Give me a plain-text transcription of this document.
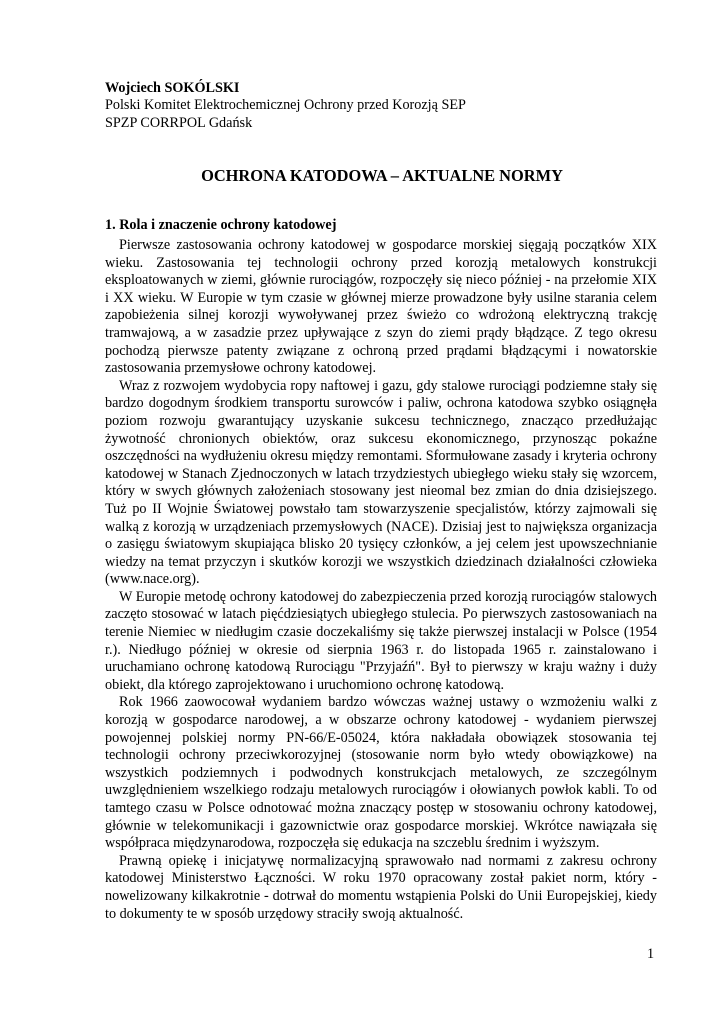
Wojciech SOKÓLSKI
Polski Komitet Elektrochemicznej Ochrony przed Korozją SEP
SPZP CORRPOL Gdańsk
OCHRONA KATODOWA – AKTUALNE NORMY
1. Rola i znaczenie ochrony katodowej

Pierwsze zastosowania ochrony katodowej w gospodarce morskiej sięgają początków XIX wieku. Zastosowania tej technologii ochrony przed korozją metalowych konstrukcji eksploatowanych w ziemi, głównie rurociągów, rozpoczęły się nieco później - na przełomie XIX i XX wieku. W Europie w tym czasie w głównej mierze prowadzone były usilne starania celem zapobieżenia silnej korozji wywoływanej przez świeżo co wdrożoną elektryczną trakcję tramwajową, a w zasadzie przez upływające z szyn do ziemi prądy błądzące. Z tego okresu pochodzą pierwsze patenty związane z ochroną przed prądami błądzącymi i nowatorskie zastosowania przemysłowe ochrony katodowej.

Wraz z rozwojem wydobycia ropy naftowej i gazu, gdy stalowe rurociągi podziemne stały się bardzo dogodnym środkiem transportu surowców i paliw, ochrona katodowa szybko osiągnęła poziom rozwoju gwarantujący uzyskanie sukcesu technicznego, znacząco przedłużając żywotność chronionych obiektów, oraz sukcesu ekonomicznego, przynosząc pokaźne oszczędności na wydłużeniu okresu między remontami. Sformułowane zasady i kryteria ochrony katodowej w Stanach Zjednoczonych w latach trzydziestych ubiegłego wieku stały się wzorcem, który w swych głównych założeniach stosowany jest nieomal bez zmian do dnia dzisiejszego. Tuż po II Wojnie Światowej powstało tam stowarzyszenie specjalistów, którzy zajmowali się walką z korozją w urządzeniach przemysłowych (NACE). Dzisiaj jest to największa organizacja o zasięgu światowym skupiająca blisko 20 tysięcy członków, a jej celem jest upowszechnianie wiedzy na temat przyczyn i skutków korozji we wszystkich dziedzinach działalności człowieka (www.nace.org).

W Europie metodę ochrony katodowej do zabezpieczenia przed korozją rurociągów stalowych zaczęto stosować w latach pięćdziesiątych ubiegłego stulecia. Po pierwszych zastosowaniach na terenie Niemiec w niedługim czasie doczekaliśmy się także pierwszej instalacji w Polsce (1954 r.). Niedługo później w okresie od sierpnia 1963 r. do listopada 1965 r. zainstalowano i uruchamiano ochronę katodową Rurociągu "Przyjaźń". Był to pierwszy w kraju ważny i duży obiekt, dla którego zaprojektowano i uruchomiono ochronę katodową.

Rok 1966 zaowocował wydaniem bardzo wówczas ważnej ustawy o wzmożeniu walki z korozją w gospodarce narodowej, a w obszarze ochrony katodowej - wydaniem pierwszej powojennej polskiej normy PN-66/E-05024, która nakładała obowiązek stosowania tej technologii ochrony przeciwkorozyjnej (stosowanie norm było wtedy obowiązkowe) na wszystkich podziemnych i podwodnych konstrukcjach metalowych, ze szczególnym uwzględnieniem wszelkiego rodzaju metalowych rurociągów i ołowianych powłok kabli. To od tamtego czasu w Polsce odnotować można znaczący postęp w stosowaniu ochrony katodowej, głównie w telekomunikacji i gazownictwie oraz gospodarce morskiej. Wkrótce nawiązała się współpraca międzynarodowa, rozpoczęła się edukacja na szczeblu średnim i wyższym.

Prawną opiekę i inicjatywę normalizacyjną sprawowało nad normami z zakresu ochrony katodowej Ministerstwo Łączności. W roku 1970 opracowany został pakiet norm, który - nowelizowany kilkakrotnie - dotrwał do momentu wstąpienia Polski do Unii Europejskiej, kiedy to dokumenty te w sposób urzędowy straciły swoją aktualność.

1
